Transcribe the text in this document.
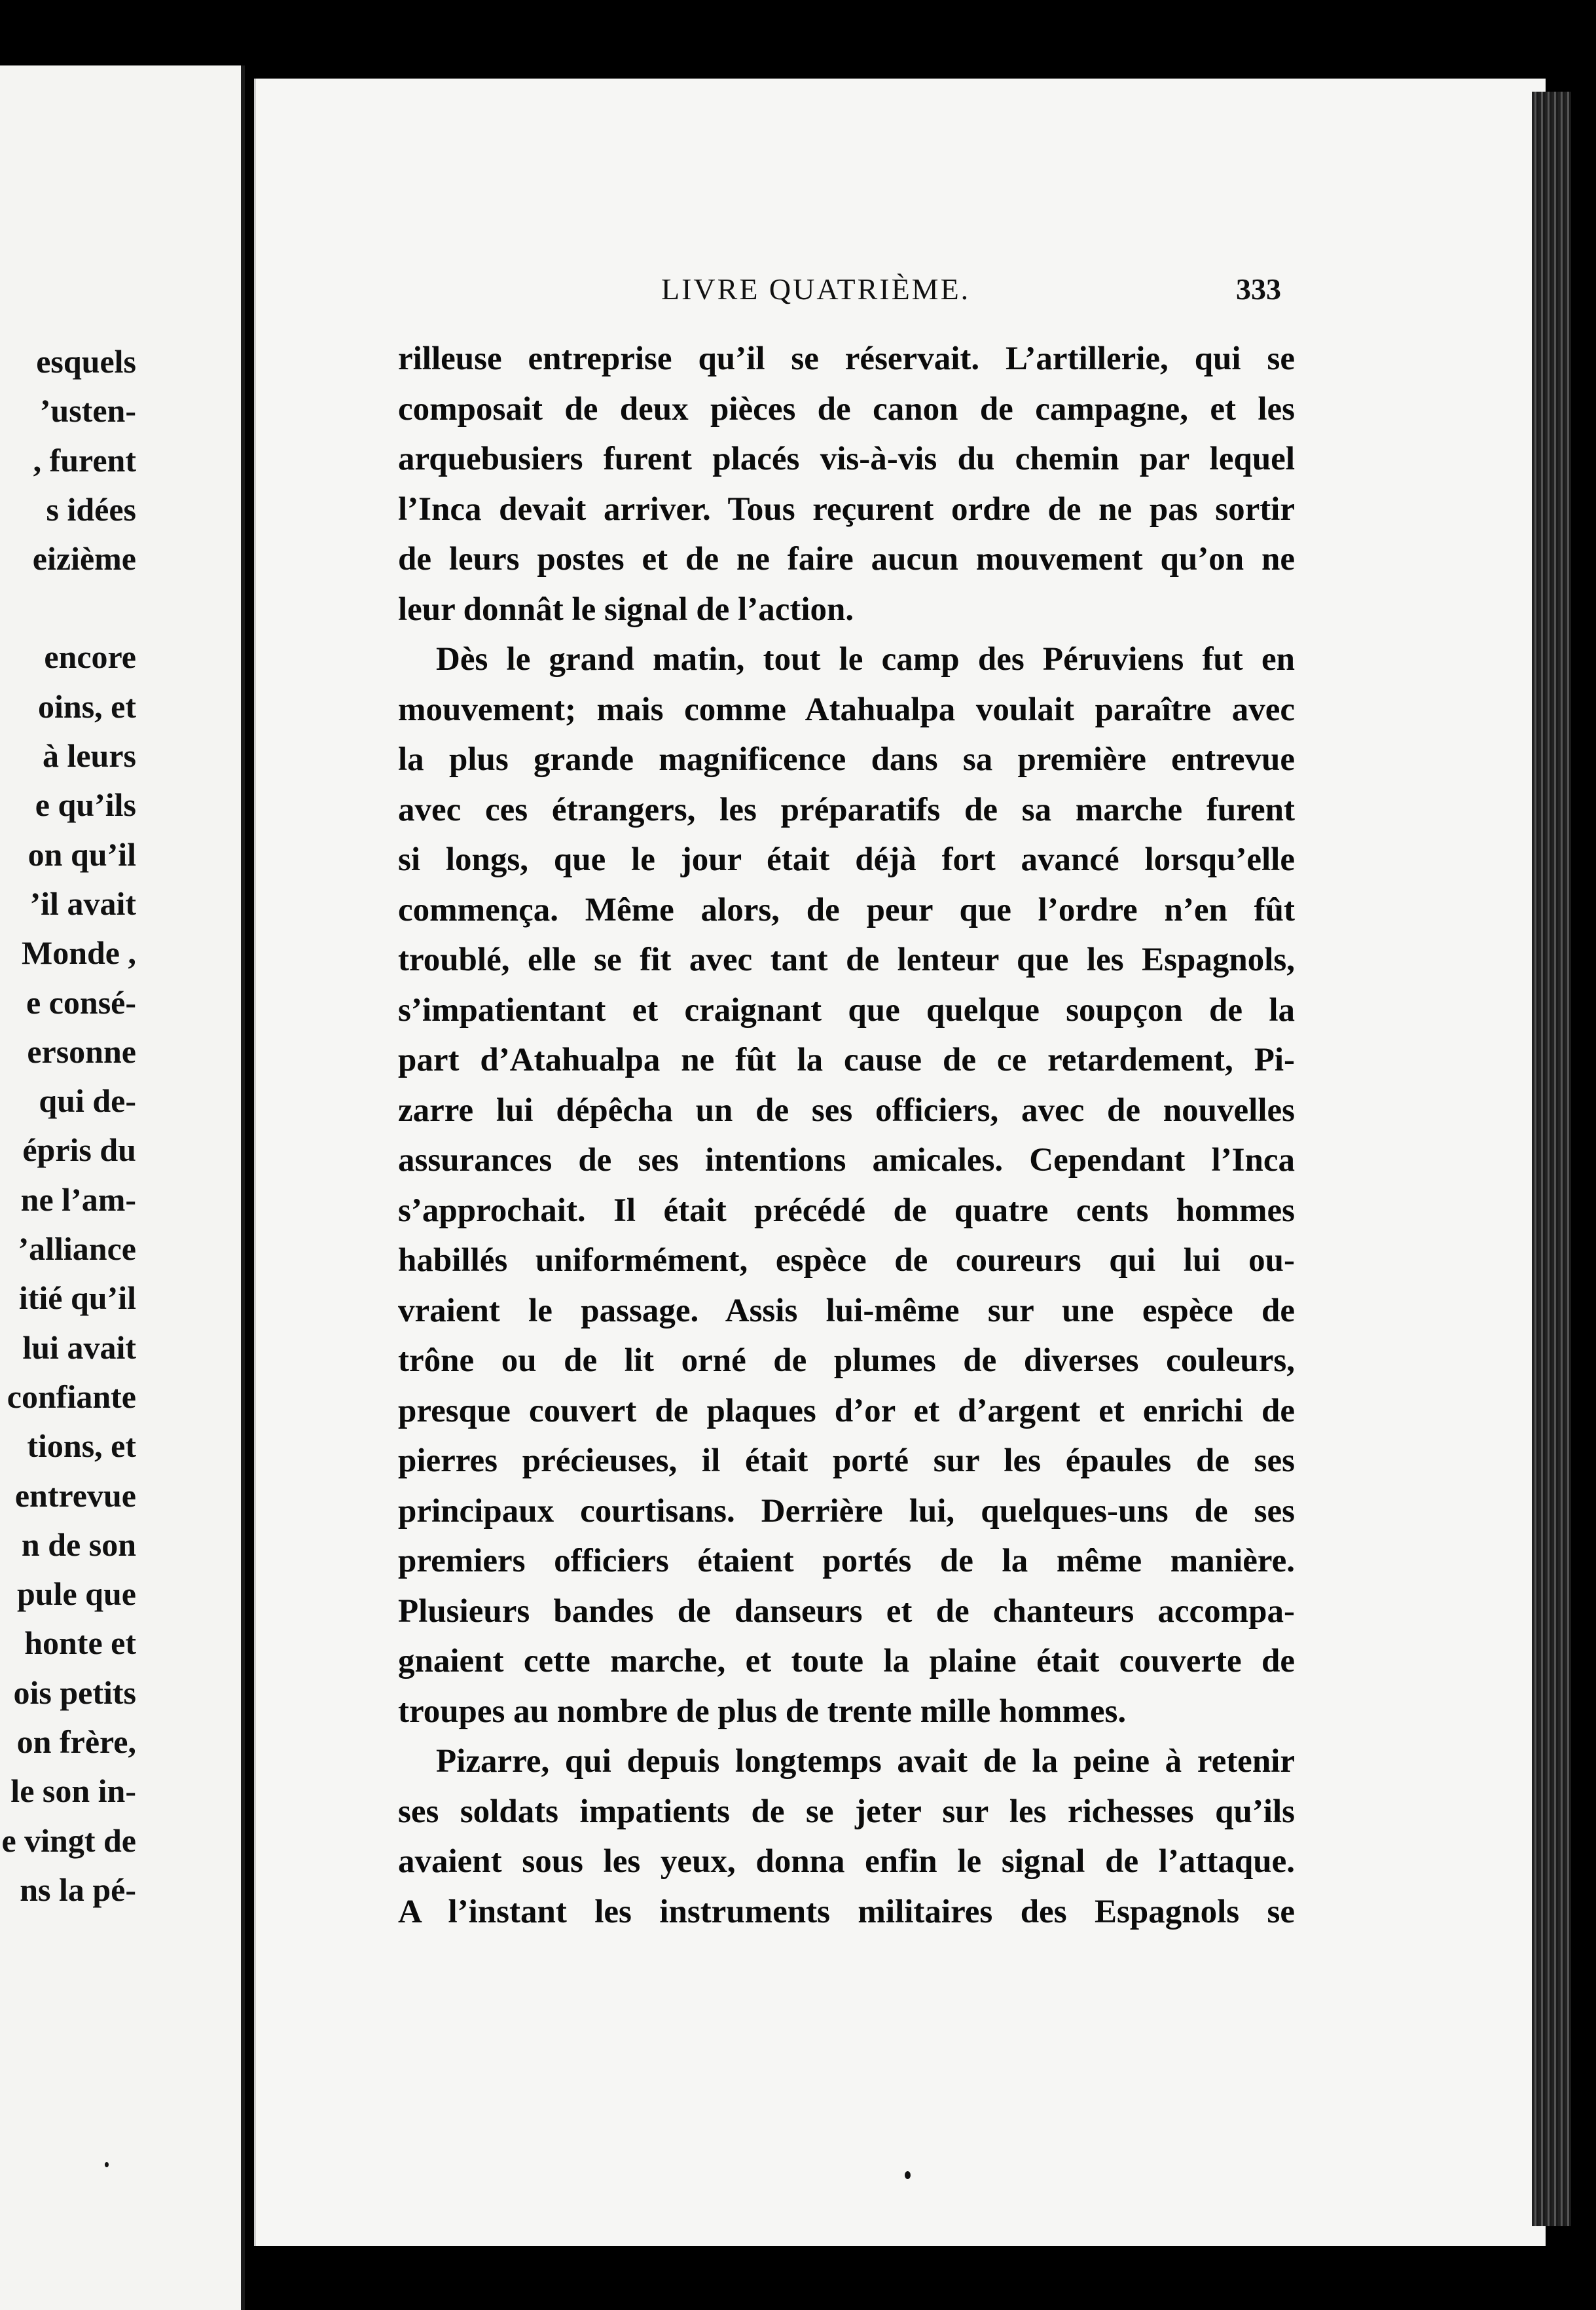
esquels
’usten-
, furent
s idées
eizième
encore
oins, et
à leurs
e qu’ils
on qu’il
’il avait
Monde ,
e consé-
ersonne
qui de-
épris du
ne l’am-
’alliance
itié qu’il
lui avait
confiante
tions, et
entrevue
n de son
pule que
honte et
ois petits
on frère,
le son in-
e vingt de
ns la pé-
LIVRE QUATRIÈME.	333
rilleuse entreprise qu’il se réservait. L’artillerie, qui se
composait de deux pièces de canon de campagne, et les
arquebusiers furent placés vis-à-vis du chemin par lequel
l’Inca devait arriver. Tous reçurent ordre de ne pas sortir
de leurs postes et de ne faire aucun mouvement qu’on ne
leur donnât le signal de l’action.
Dès le grand matin, tout le camp des Péruviens fut en
mouvement; mais comme Atahualpa voulait paraître avec
la plus grande magnificence dans sa première entrevue
avec ces étrangers, les préparatifs de sa marche furent
si longs, que le jour était déjà fort avancé lorsqu’elle
commença. Même alors, de peur que l’ordre n’en fût
troublé, elle se fit avec tant de lenteur que les Espagnols,
s’impatientant et craignant que quelque soupçon de la
part d’Atahualpa ne fût la cause de ce retardement, Pi-
zarre lui dépêcha un de ses officiers, avec de nouvelles
assurances de ses intentions amicales. Cependant l’Inca
s’approchait. Il était précédé de quatre cents hommes
habillés uniformément, espèce de coureurs qui lui ou-
vraient le passage. Assis lui-même sur une espèce de
trône ou de lit orné de plumes de diverses couleurs,
presque couvert de plaques d’or et d’argent et enrichi de
pierres précieuses, il était porté sur les épaules de ses
principaux courtisans. Derrière lui, quelques-uns de ses
premiers officiers étaient portés de la même manière.
Plusieurs bandes de danseurs et de chanteurs accompa-
gnaient cette marche, et toute la plaine était couverte de
troupes au nombre de plus de trente mille hommes.
Pizarre, qui depuis longtemps avait de la peine à retenir
ses soldats impatients de se jeter sur les richesses qu’ils
avaient sous les yeux, donna enfin le signal de l’attaque.
A l’instant les instruments militaires des Espagnols se
